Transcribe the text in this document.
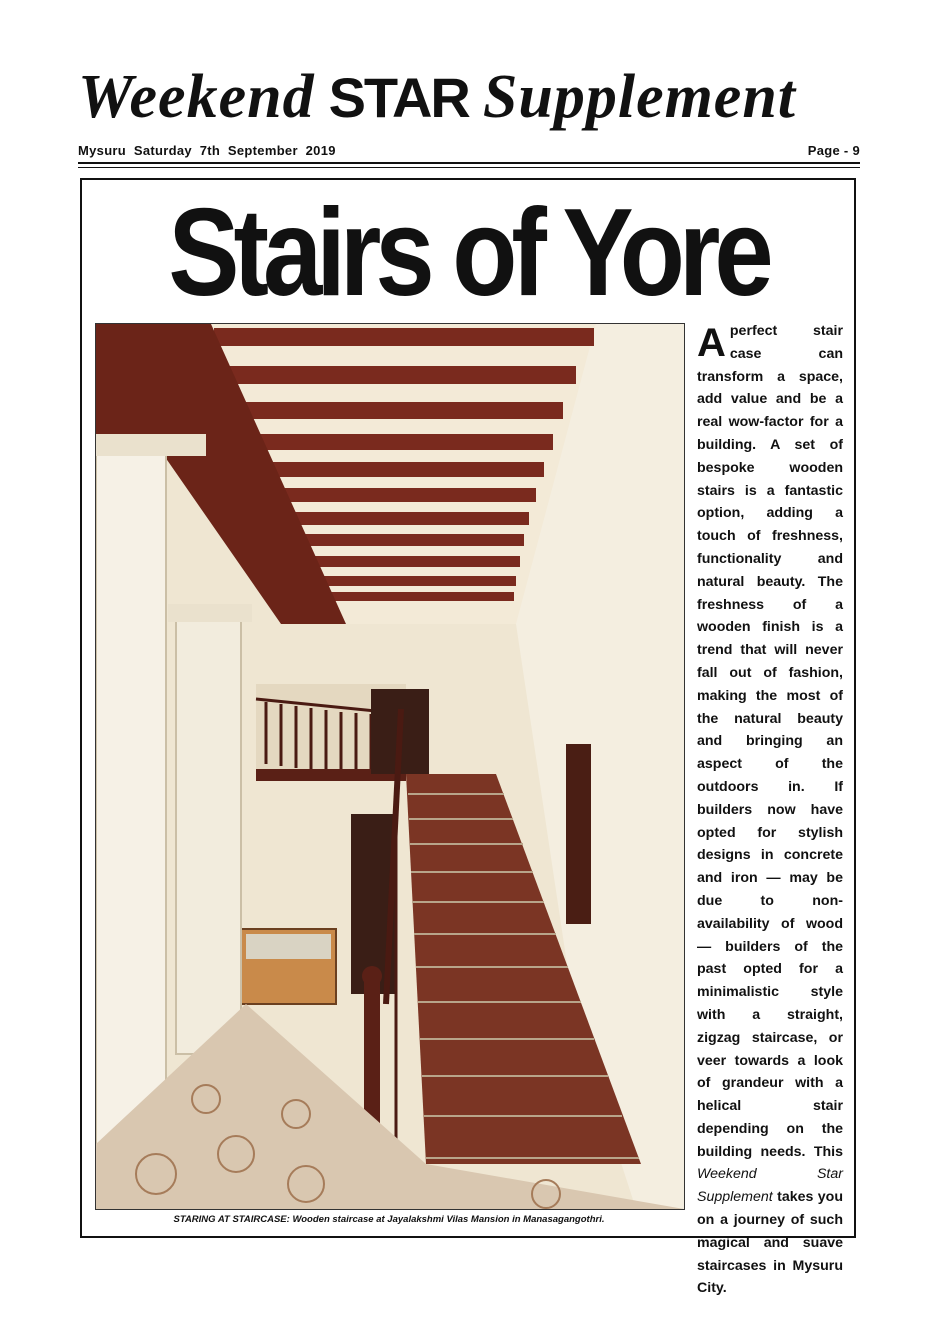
Weekend STAR Supplement
Mysuru  Saturday  7th  September  2019	Page - 9
Stairs of Yore
STARING AT STAIRCASE: Wooden staircase at Jayalakshmi Vilas Mansion in Manasagangothri.
Aperfect stair case can transform a space, add value and be a real wow-factor for a building. A set of bespoke wooden stairs is a fantastic option, adding a touch of freshness, functionality and natural beauty. The freshness of a wooden finish is a trend that will never fall out of fashion, making the most of the natural beauty and bringing an aspect of the outdoors in. If builders now have opted for stylish designs in concrete and iron — may be due to non-availability of wood — builders of the past opted for a minimalistic style with a straight, zigzag staircase, or veer towards a look of grandeur with a helical stair depending on the building needs. This Weekend Star Supplement takes you on a journey of such magical and suave staircases in Mysuru City.
